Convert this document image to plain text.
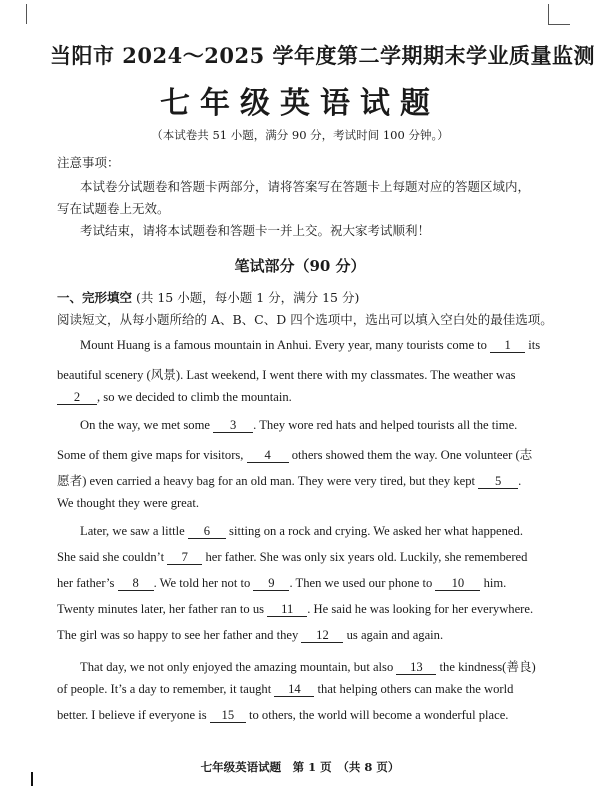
当阳市 2024～2025 学年度第二学期期末学业质量监测
七年级英语试题
（本试卷共 51 小题，满分 90 分，考试时间 100 分钟。）
注意事项：
本试卷分试题卷和答题卡两部分，请将答案写在答题卡上每题对应的答题区域内，
写在试题卷上无效。
考试结束，请将本试题卷和答题卡一并上交。祝大家考试顺利！
笔试部分（90 分）
一、完形填空 (共 15 小题，每小题 1 分，满分 15 分)
阅读短文，从每小题所给的 A、B、C、D 四个选项中，选出可以填入空白处的最佳选项。
Mount Huang is a famous mountain in Anhui. Every year, many tourists come to 1 its
beautiful scenery (风景). Last weekend, I went there with my classmates. The weather was
2 , so we decided to climb the mountain.
On the way, we met some 3 . They wore red hats and helped tourists all the time.
Some of them give maps for visitors, 4 others showed them the way. One volunteer (志
愿者) even carried a heavy bag for an old man. They were very tired, but they kept 5 .
We thought they were great.
Later, we saw a little 6 sitting on a rock and crying. We asked her what happened.
She said she couldn’t 7 her father. She was only six years old. Luckily, she remembered
her father’s 8 . We told her not to 9 . Then we used our phone to 10 him.
Twenty minutes later, her father ran to us 11 . He said he was looking for her everywhere.
The girl was so happy to see her father and they 12 us again and again.
That day, we not only enjoyed the amazing mountain, but also 13 the kindness(善良)
of people. It’s a day to remember, it taught 14 that helping others can make the world
better. I believe if everyone is 15 to others, the world will become a wonderful place.
七年级英语试题　第 1 页　（共 8 页）
